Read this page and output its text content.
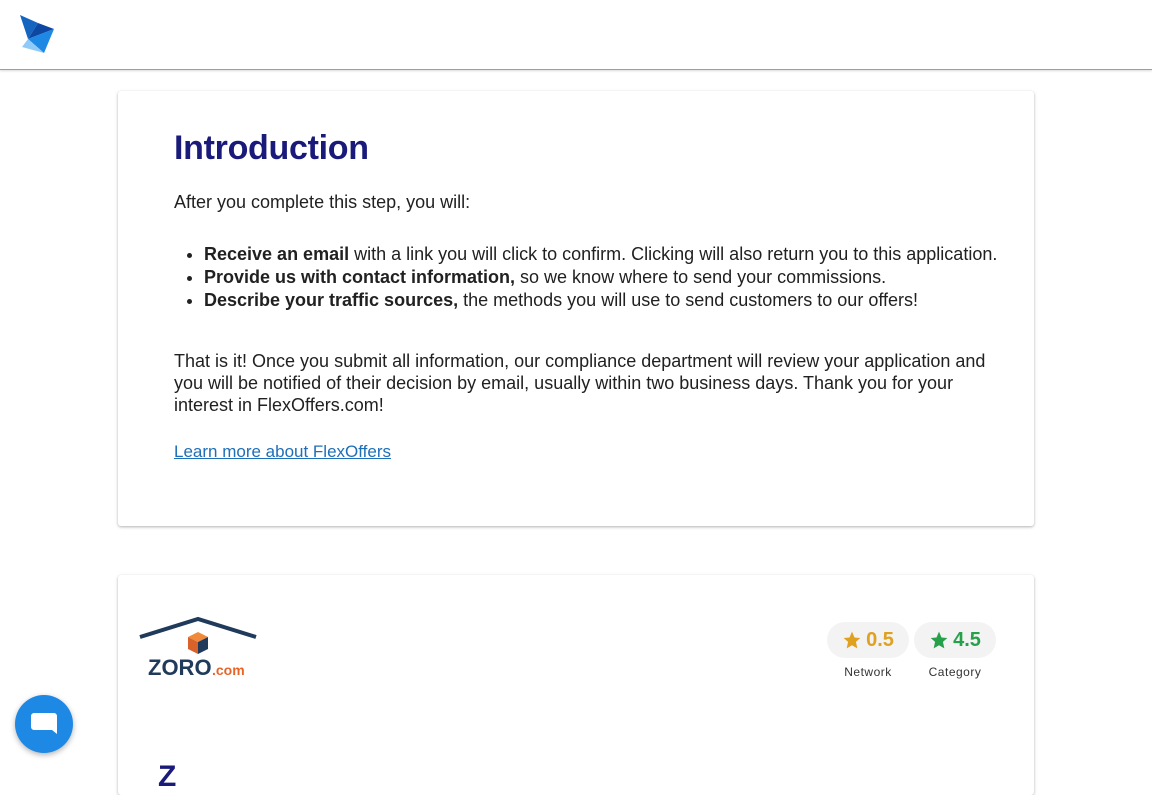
Introduction

After you complete this step, you will:

• Receive an email with a link you will click to confirm. Clicking will also return you to this application.
• Provide us with contact information, so we know where to send your commissions.
• Describe your traffic sources, the methods you will use to send customers to our offers!

That is it! Once you submit all information, our compliance department will review your application and you will be notified of their decision by email, usually within two business days. Thank you for your interest in FlexOffers.com!

Learn more about FlexOffers
ZORO .com
0.5
Network
4.5
Category
Z
